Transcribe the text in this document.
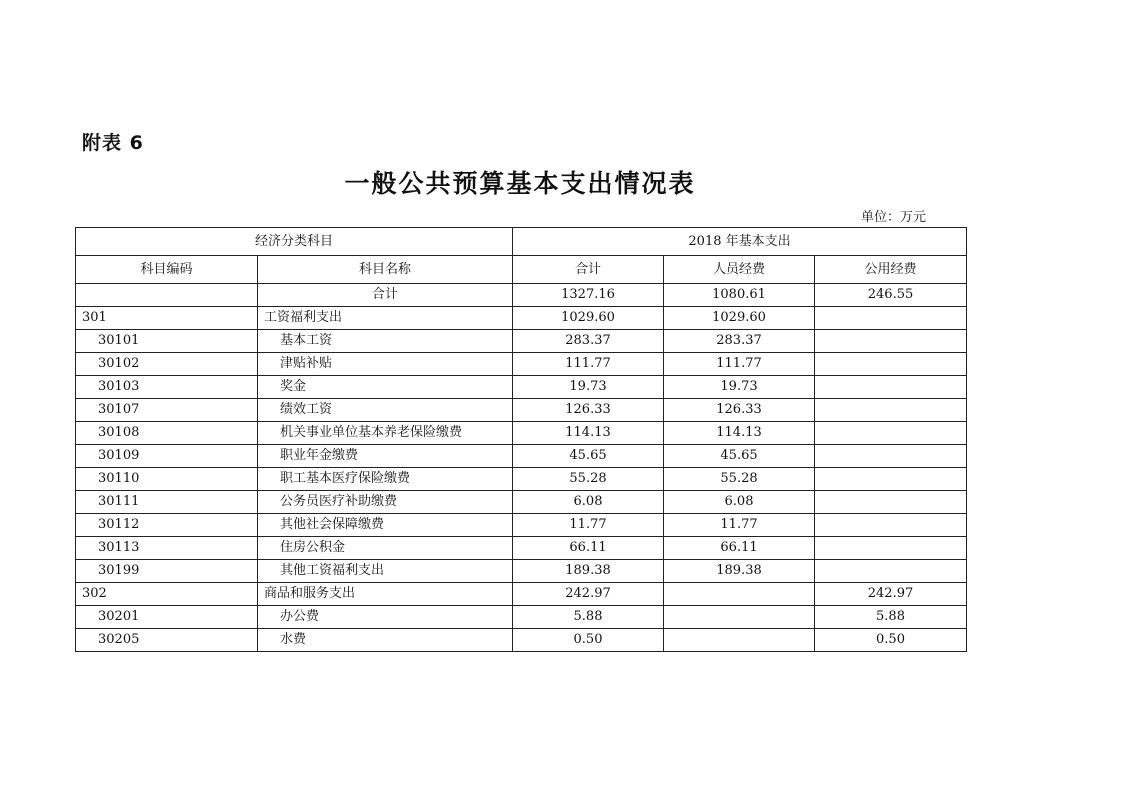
附表 6
一般公共预算基本支出情况表
单位：万元
经济分类科目		2018 年基本支出		
科目编码	科目名称	合计	人员经费	公用经费
	合计	1327.16	1080.61	246.55
301	工资福利支出	1029.60	1029.60	
30101	基本工资	283.37	283.37	
30102	津贴补贴	111.77	111.77	
30103	奖金	19.73	19.73	
30107	绩效工资	126.33	126.33	
30108	机关事业单位基本养老保险缴费	114.13	114.13	
30109	职业年金缴费	45.65	45.65	
30110	职工基本医疗保险缴费	55.28	55.28	
30111	公务员医疗补助缴费	6.08	6.08	
30112	其他社会保障缴费	11.77	11.77	
30113	住房公积金	66.11	66.11	
30199	其他工资福利支出	189.38	189.38	
302	商品和服务支出	242.97		242.97
30201	办公费	5.88		5.88
30205	水费	0.50		0.50
